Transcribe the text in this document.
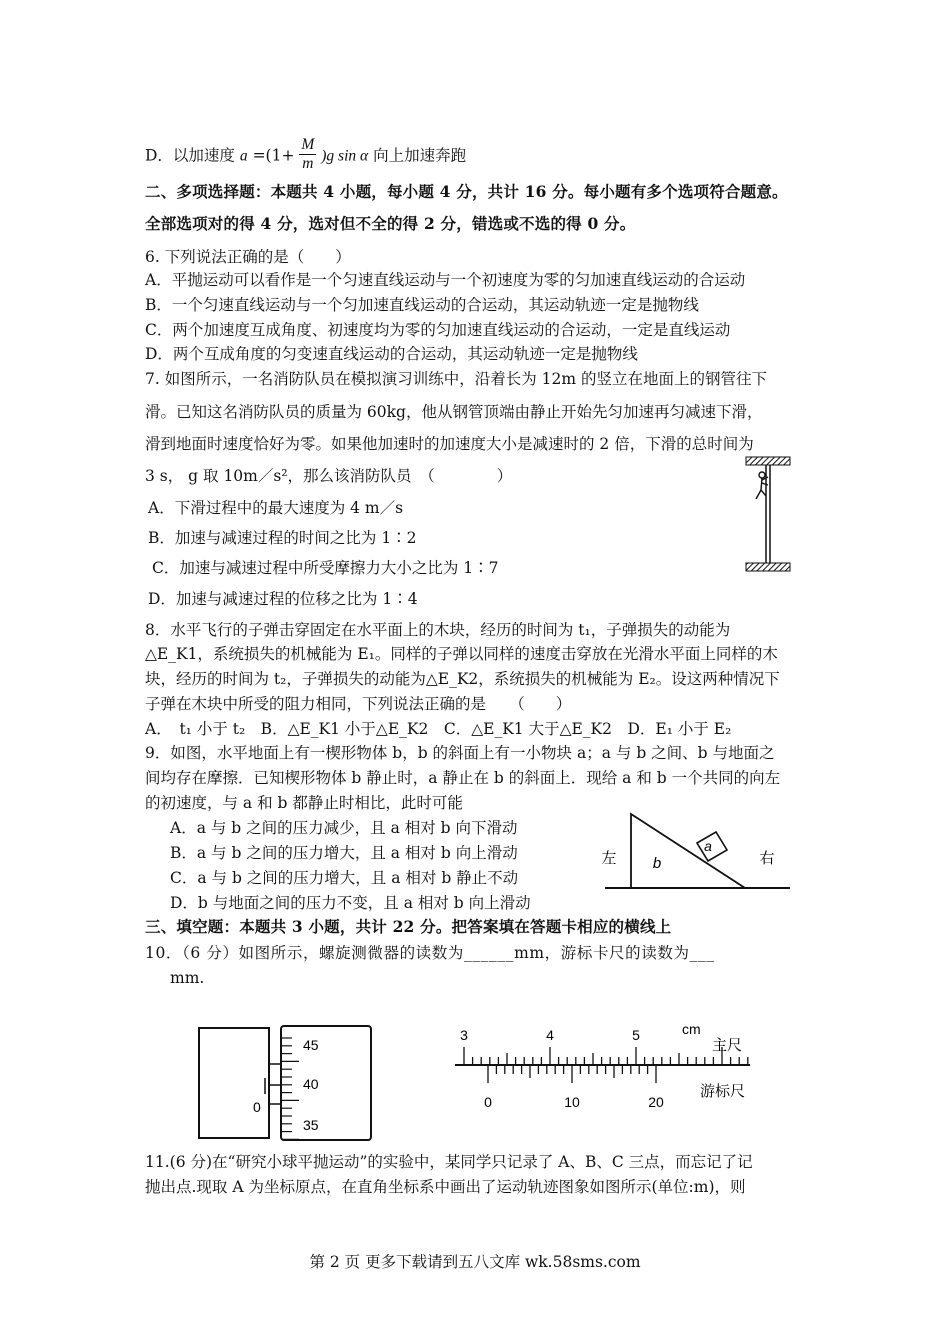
D．以加速度 $a =(1+ \frac{M}{m} )g$ sin α 向上加速奔跑
二、多项选择题：本题共 4 小题，每小题 4 分，共计 16 分。每小题有多个选项符合题意。
全部选项对的得 4 分，选对但不全的得 2 分，错选或不选的得 0 分。
6. 下列说法正确的是（　　）
A．平抛运动可以看作是一个匀速直线运动与一个初速度为零的匀加速直线运动的合运动
B．一个匀速直线运动与一个匀加速直线运动的合运动，其运动轨迹一定是抛物线
C．两个加速度互成角度、初速度均为零的匀加速直线运动的合运动，一定是直线运动
D．两个互成角度的匀变速直线运动的合运动，其运动轨迹一定是抛物线
7. 如图所示，一名消防队员在模拟演习训练中，沿着长为 12m 的竖立在地面上的钢管往下
滑。已知这名消防队员的质量为 60kg，他从钢管顶端由静止开始先匀加速再匀减速下滑，
滑到地面时速度恰好为零。如果他加速时的加速度大小是减速时的 2 倍，下滑的总时间为
3 s， g 取 10m／s²，那么该消防队员　（　　　　）
A．下滑过程中的最大速度为 4 m／s
B．加速与减速过程的时间之比为 1∶2
C．加速与减速过程中所受摩擦力大小之比为 1∶7
D．加速与减速过程的位移之比为 1∶4
8．水平飞行的子弹击穿固定在水平面上的木块，经历的时间为 t₁，子弹损失的动能为
△E_K1，系统损失的机械能为 E₁。同样的子弹以同样的速度击穿放在光滑水平面上同样的木
块，经历的时间为 t₂，子弹损失的动能为△E_K2，系统损失的机械能为 E₂。设这两种情况下
子弹在木块中所受的阻力相同，下列说法正确的是　　（　　）
A．　t₁ 小于 t₂　B．△E_K1 小于△E_K2　C．△E_K1 大于△E_K2　D．E₁ 小于 E₂
9．如图，水平地面上有一楔形物体 b，b 的斜面上有一小物块 a；a 与 b 之间、b 与地面之
间均存在摩擦．已知楔形物体 b 静止时，a 静止在 b 的斜面上．现给 a 和 b 一个共同的向左
的初速度，与 a 和 b 都静止时相比，此时可能
A．a 与 b 之间的压力减少，且 a 相对 b 向下滑动
B．a 与 b 之间的压力增大，且 a 相对 b 向上滑动
C．a 与 b 之间的压力增大，且 a 相对 b 静止不动
D．b 与地面之间的压力不变，且 a 相对 b 向上滑动
a
b
左	右
三、填空题：本题共 3 小题，共计 22 分。把答案填在答题卡相应的横线上
10．（6 分）如图所示，螺旋测微器的读数为______mm，游标卡尺的读数为___
mm.
45
40
35
0
3	4	5	cm
主尺
游标尺
0	10	20
11.(6 分)在“研究小球平抛运动”的实验中，某同学只记录了 A、B、C 三点，而忘记了记
抛出点.现取 A 为坐标原点，在直角坐标系中画出了运动轨迹图象如图所示(单位:m)，则
第 2 页 更多下载请到五八文库 wk.58sms.com
